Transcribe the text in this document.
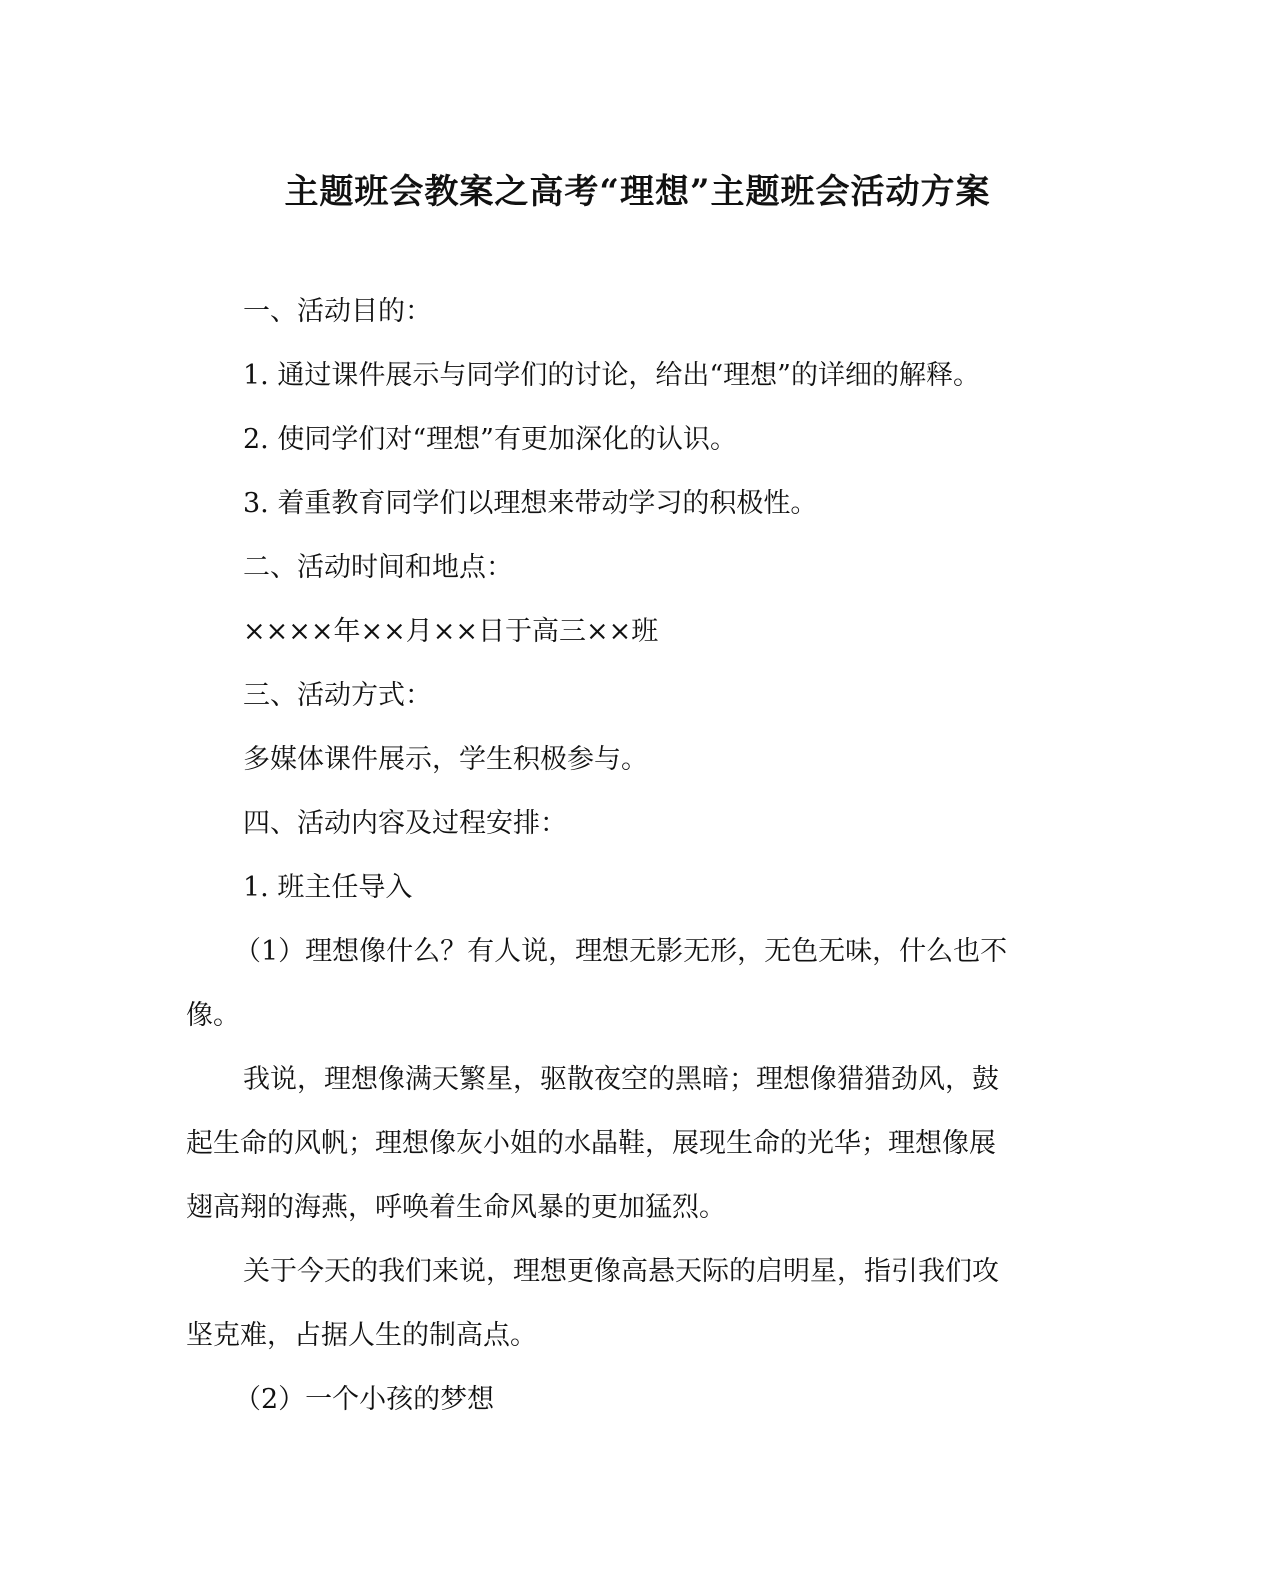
主题班会教案之高考“理想”主题班会活动方案

一、活动目的：

1. 通过课件展示与同学们的讨论，给出“理想”的详细的解释。

2. 使同学们对“理想”有更加深化的认识。

3. 着重教育同学们以理想来带动学习的积极性。

二、活动时间和地点：

××××年××月××日于高三××班

三、活动方式：

多媒体课件展示，学生积极参与。

四、活动内容及过程安排：

1. 班主任导入

（1）理想像什么？有人说，理想无影无形，无色无味，什么也不

像。

我说，理想像满天繁星，驱散夜空的黑暗；理想像猎猎劲风，鼓

起生命的风帆；理想像灰小姐的水晶鞋，展现生命的光华；理想像展

翅高翔的海燕，呼唤着生命风暴的更加猛烈。

关于今天的我们来说，理想更像高悬天际的启明星，指引我们攻

坚克难，占据人生的制高点。

（2）一个小孩的梦想
